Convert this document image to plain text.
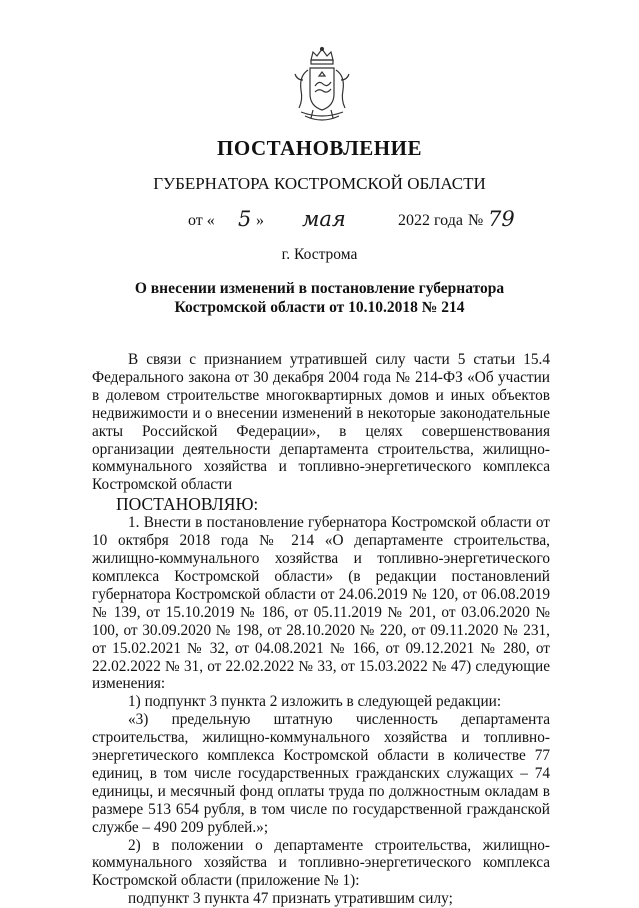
ПОСТАНОВЛЕНИЕ
ГУБЕРНАТОРА КОСТРОМСКОЙ ОБЛАСТИ
от « 5 » мая	2022 года № 79
г. Кострома
О внесении изменений в постановление губернатора
Костромской области от 10.10.2018 № 214

В связи с признанием утратившей силу части 5 статьи 15.4 Федерального закона от 30 декабря 2004 года № 214-ФЗ «Об участии в долевом строительстве многоквартирных домов и иных объектов недвижимости и о внесении изменений в некоторые законодательные акты Российской Федерации», в целях совершенствования организации деятельности департамента строительства, жилищно-коммунального хозяйства и топливно-энергетического комплекса Костромской области

ПОСТАНОВЛЯЮ:

1. Внести в постановление губернатора Костромской области от 10 октября 2018 года № 214 «О департаменте строительства, жилищно-коммунального хозяйства и топливно-энергетического комплекса Костромской области» (в редакции постановлений губернатора Костромской области от 24.06.2019 № 120, от 06.08.2019 № 139, от 15.10.2019 № 186, от 05.11.2019 № 201, от 03.06.2020 № 100, от 30.09.2020 № 198, от 28.10.2020 № 220, от 09.11.2020 № 231, от 15.02.2021 № 32, от 04.08.2021 № 166, от 09.12.2021 № 280, от 22.02.2022 № 31, от 22.02.2022 № 33, от 15.03.2022 № 47) следующие изменения:

1) подпункт 3 пункта 2 изложить в следующей редакции:

«3) предельную штатную численность департамента строительства, жилищно-коммунального хозяйства и топливно-энергетического комплекса Костромской области в количестве 77 единиц, в том числе государственных гражданских служащих – 74 единицы, и месячный фонд оплаты труда по должностным окладам в размере 513 654 рубля, в том числе по государственной гражданской службе – 490 209 рублей.»;

2) в положении о департаменте строительства, жилищно-коммунального хозяйства и топливно-энергетического комплекса Костромской области (приложение № 1):

подпункт 3 пункта 47 признать утратившим силу;
